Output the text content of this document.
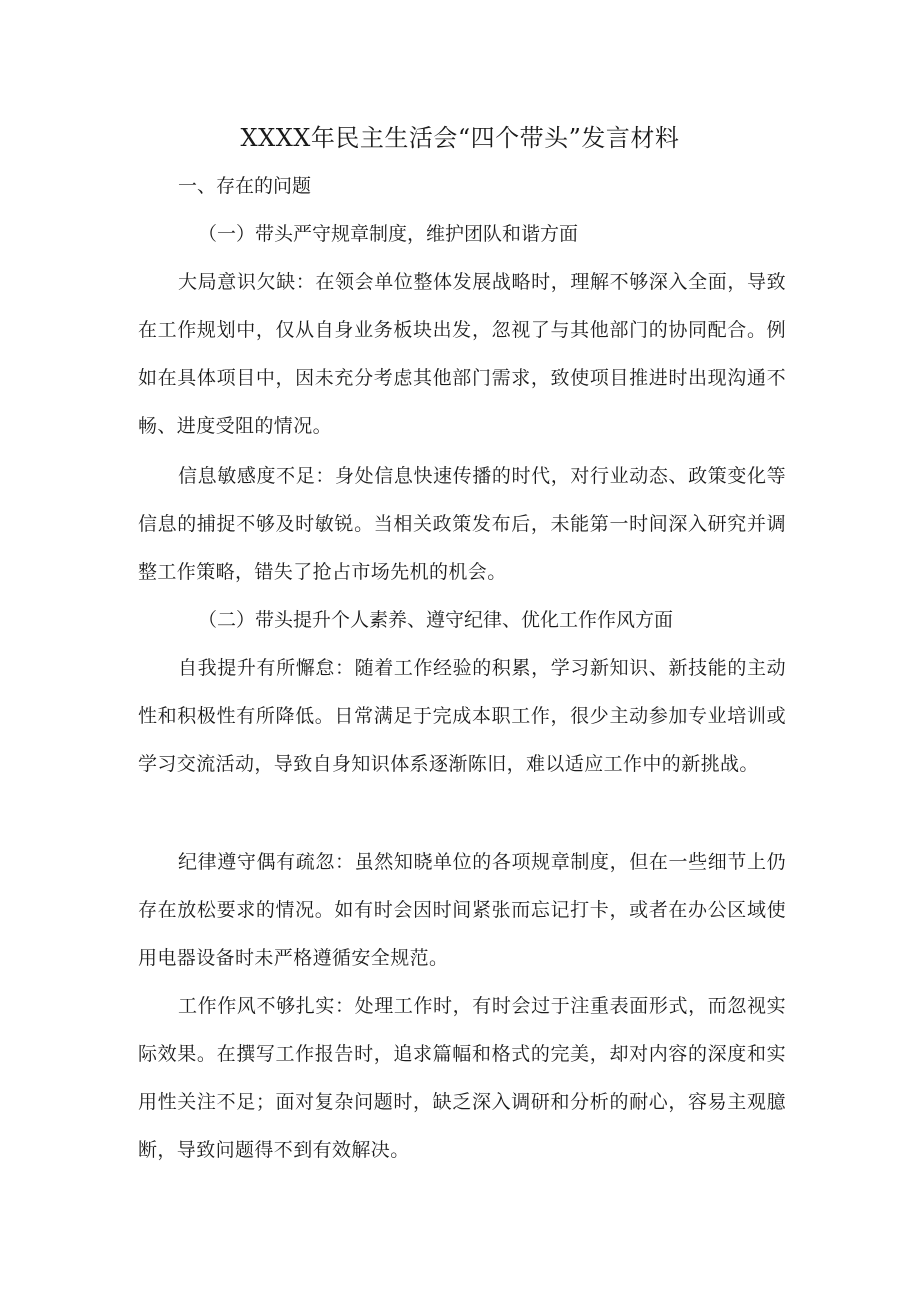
XXXX年民主生活会“四个带头”发言材料
一、存在的问题
（一）带头严守规章制度，维护团队和谐方面

大局意识欠缺：在领会单位整体发展战略时，理解不够深入全面，导致在工作规划中，仅从自身业务板块出发，忽视了与其他部门的协同配合。例如在具体项目中，因未充分考虑其他部门需求，致使项目推进时出现沟通不畅、进度受阻的情况。

信息敏感度不足：身处信息快速传播的时代，对行业动态、政策变化等信息的捕捉不够及时敏锐。当相关政策发布后，未能第一时间深入研究并调整工作策略，错失了抢占市场先机的机会。

（二）带头提升个人素养、遵守纪律、优化工作作风方面

自我提升有所懈怠：随着工作经验的积累，学习新知识、新技能的主动性和积极性有所降低。日常满足于完成本职工作，很少主动参加专业培训或学习交流活动，导致自身知识体系逐渐陈旧，难以适应工作中的新挑战。

纪律遵守偶有疏忽：虽然知晓单位的各项规章制度，但在一些细节上仍存在放松要求的情况。如有时会因时间紧张而忘记打卡，或者在办公区域使用电器设备时未严格遵循安全规范。

工作作风不够扎实：处理工作时，有时会过于注重表面形式，而忽视实际效果。在撰写工作报告时，追求篇幅和格式的完美，却对内容的深度和实用性关注不足；面对复杂问题时，缺乏深入调研和分析的耐心，容易主观臆断，导致问题得不到有效解决。
